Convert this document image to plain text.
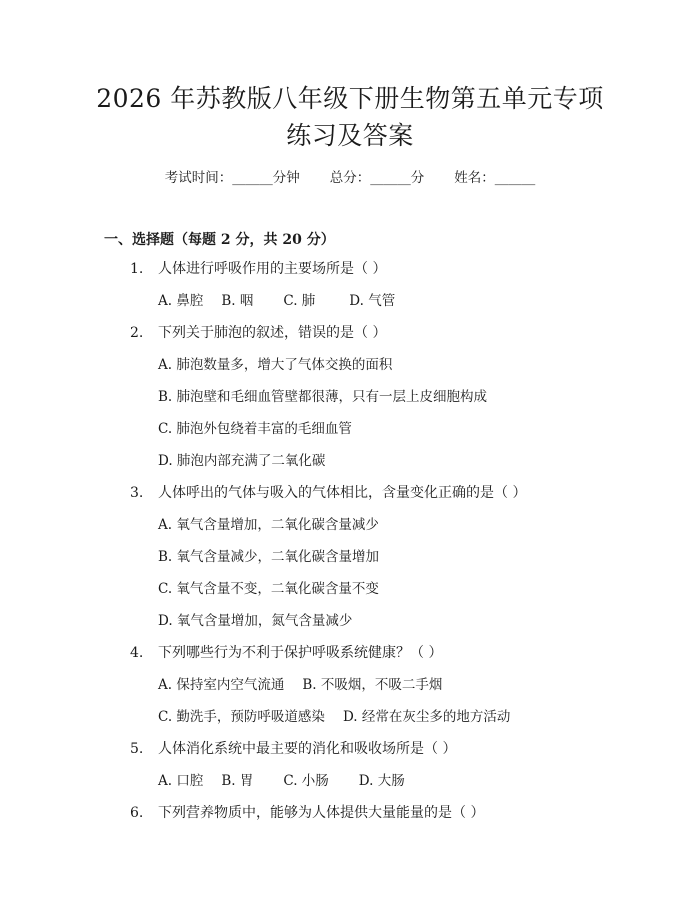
2026 年苏教版八年级下册生物第五单元专项
练习及答案
考试时间：______分钟 总分：______分 姓名：______
一、选择题（每题 2 分，共 20 分）
1. 人体进行呼吸作用的主要场所是（ ）
A. 鼻腔 B. 咽 C. 肺	D. 气管
2. 下列关于肺泡的叙述，错误的是（ ）
A. 肺泡数量多，增大了气体交换的面积
B. 肺泡壁和毛细血管壁都很薄，只有一层上皮细胞构成
C. 肺泡外包绕着丰富的毛细血管
D. 肺泡内部充满了二氧化碳
3. 人体呼出的气体与吸入的气体相比，含量变化正确的是（ ）
A. 氧气含量增加，二氧化碳含量减少
B. 氧气含量减少，二氧化碳含量增加
C. 氧气含量不变，二氧化碳含量不变
D. 氧气含量增加，氮气含量减少
4. 下列哪些行为不利于保护呼吸系统健康？（ ）
A. 保持室内空气流通 B. 不吸烟，不吸二手烟
C. 勤洗手，预防呼吸道感染 D. 经常在灰尘多的地方活动
5. 人体消化系统中最主要的消化和吸收场所是（ ）
A. 口腔 B. 胃 C. 小肠 D. 大肠
6. 下列营养物质中，能够为人体提供大量能量的是（ ）
